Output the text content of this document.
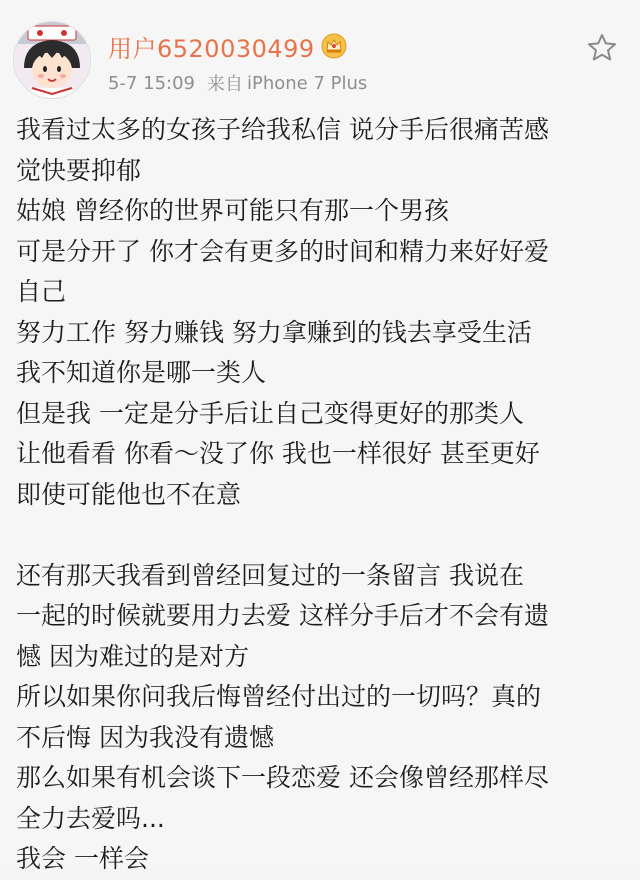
用户6520030499
5-7 15:09 来自 iPhone 7 Plus
我看过太多的女孩子给我私信 说分手后很痛苦感
觉快要抑郁
姑娘 曾经你的世界可能只有那一个男孩
可是分开了 你才会有更多的时间和精力来好好爱
自己
努力工作 努力赚钱 努力拿赚到的钱去享受生活
我不知道你是哪一类人
但是我 一定是分手后让自己变得更好的那类人
让他看看 你看～没了你 我也一样很好 甚至更好
即使可能他也不在意
还有那天我看到曾经回复过的一条留言 我说在
一起的时候就要用力去爱 这样分手后才不会有遗
憾 因为难过的是对方
所以如果你问我后悔曾经付出过的一切吗？真的
不后悔 因为我没有遗憾
那么如果有机会谈下一段恋爱 还会像曾经那样尽
全力去爱吗...
我会 一样会
